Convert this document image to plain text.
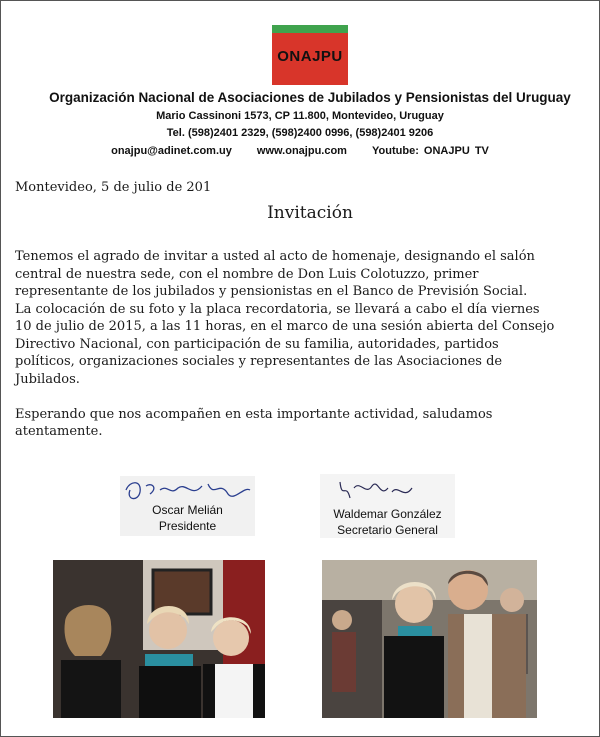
ONAJPU
Organización Nacional de Asociaciones de Jubilados y Pensionistas del Uruguay
Mario Cassinoni 1573, CP 11.800, Montevideo, Uruguay
Tel. (598)2401 2329, (598)2400 0996, (598)2401 9206
onajpu@adinet.com.uy www.onajpu.com Youtube: ONAJPU TV
Montevideo, 5 de julio de 201
Invitación
Tenemos el agrado de invitar a usted al acto de homenaje, designando el salón
central de nuestra sede, con el nombre de Don Luis Colotuzzo, primer
representante de los jubilados y pensionistas en el Banco de Previsión Social.
La colocación de su foto y la placa recordatoria, se llevará a cabo el día viernes
10 de julio de 2015, a las 11 horas, en el marco de una sesión abierta del Consejo
Directivo Nacional, con participación de su familia, autoridades, partidos
políticos, organizaciones sociales y representantes de las Asociaciones de
Jubilados.
Esperando que nos acompañen en esta importante actividad, saludamos
atentamente.
Oscar Melián
Presidente
Waldemar González
Secretario General
